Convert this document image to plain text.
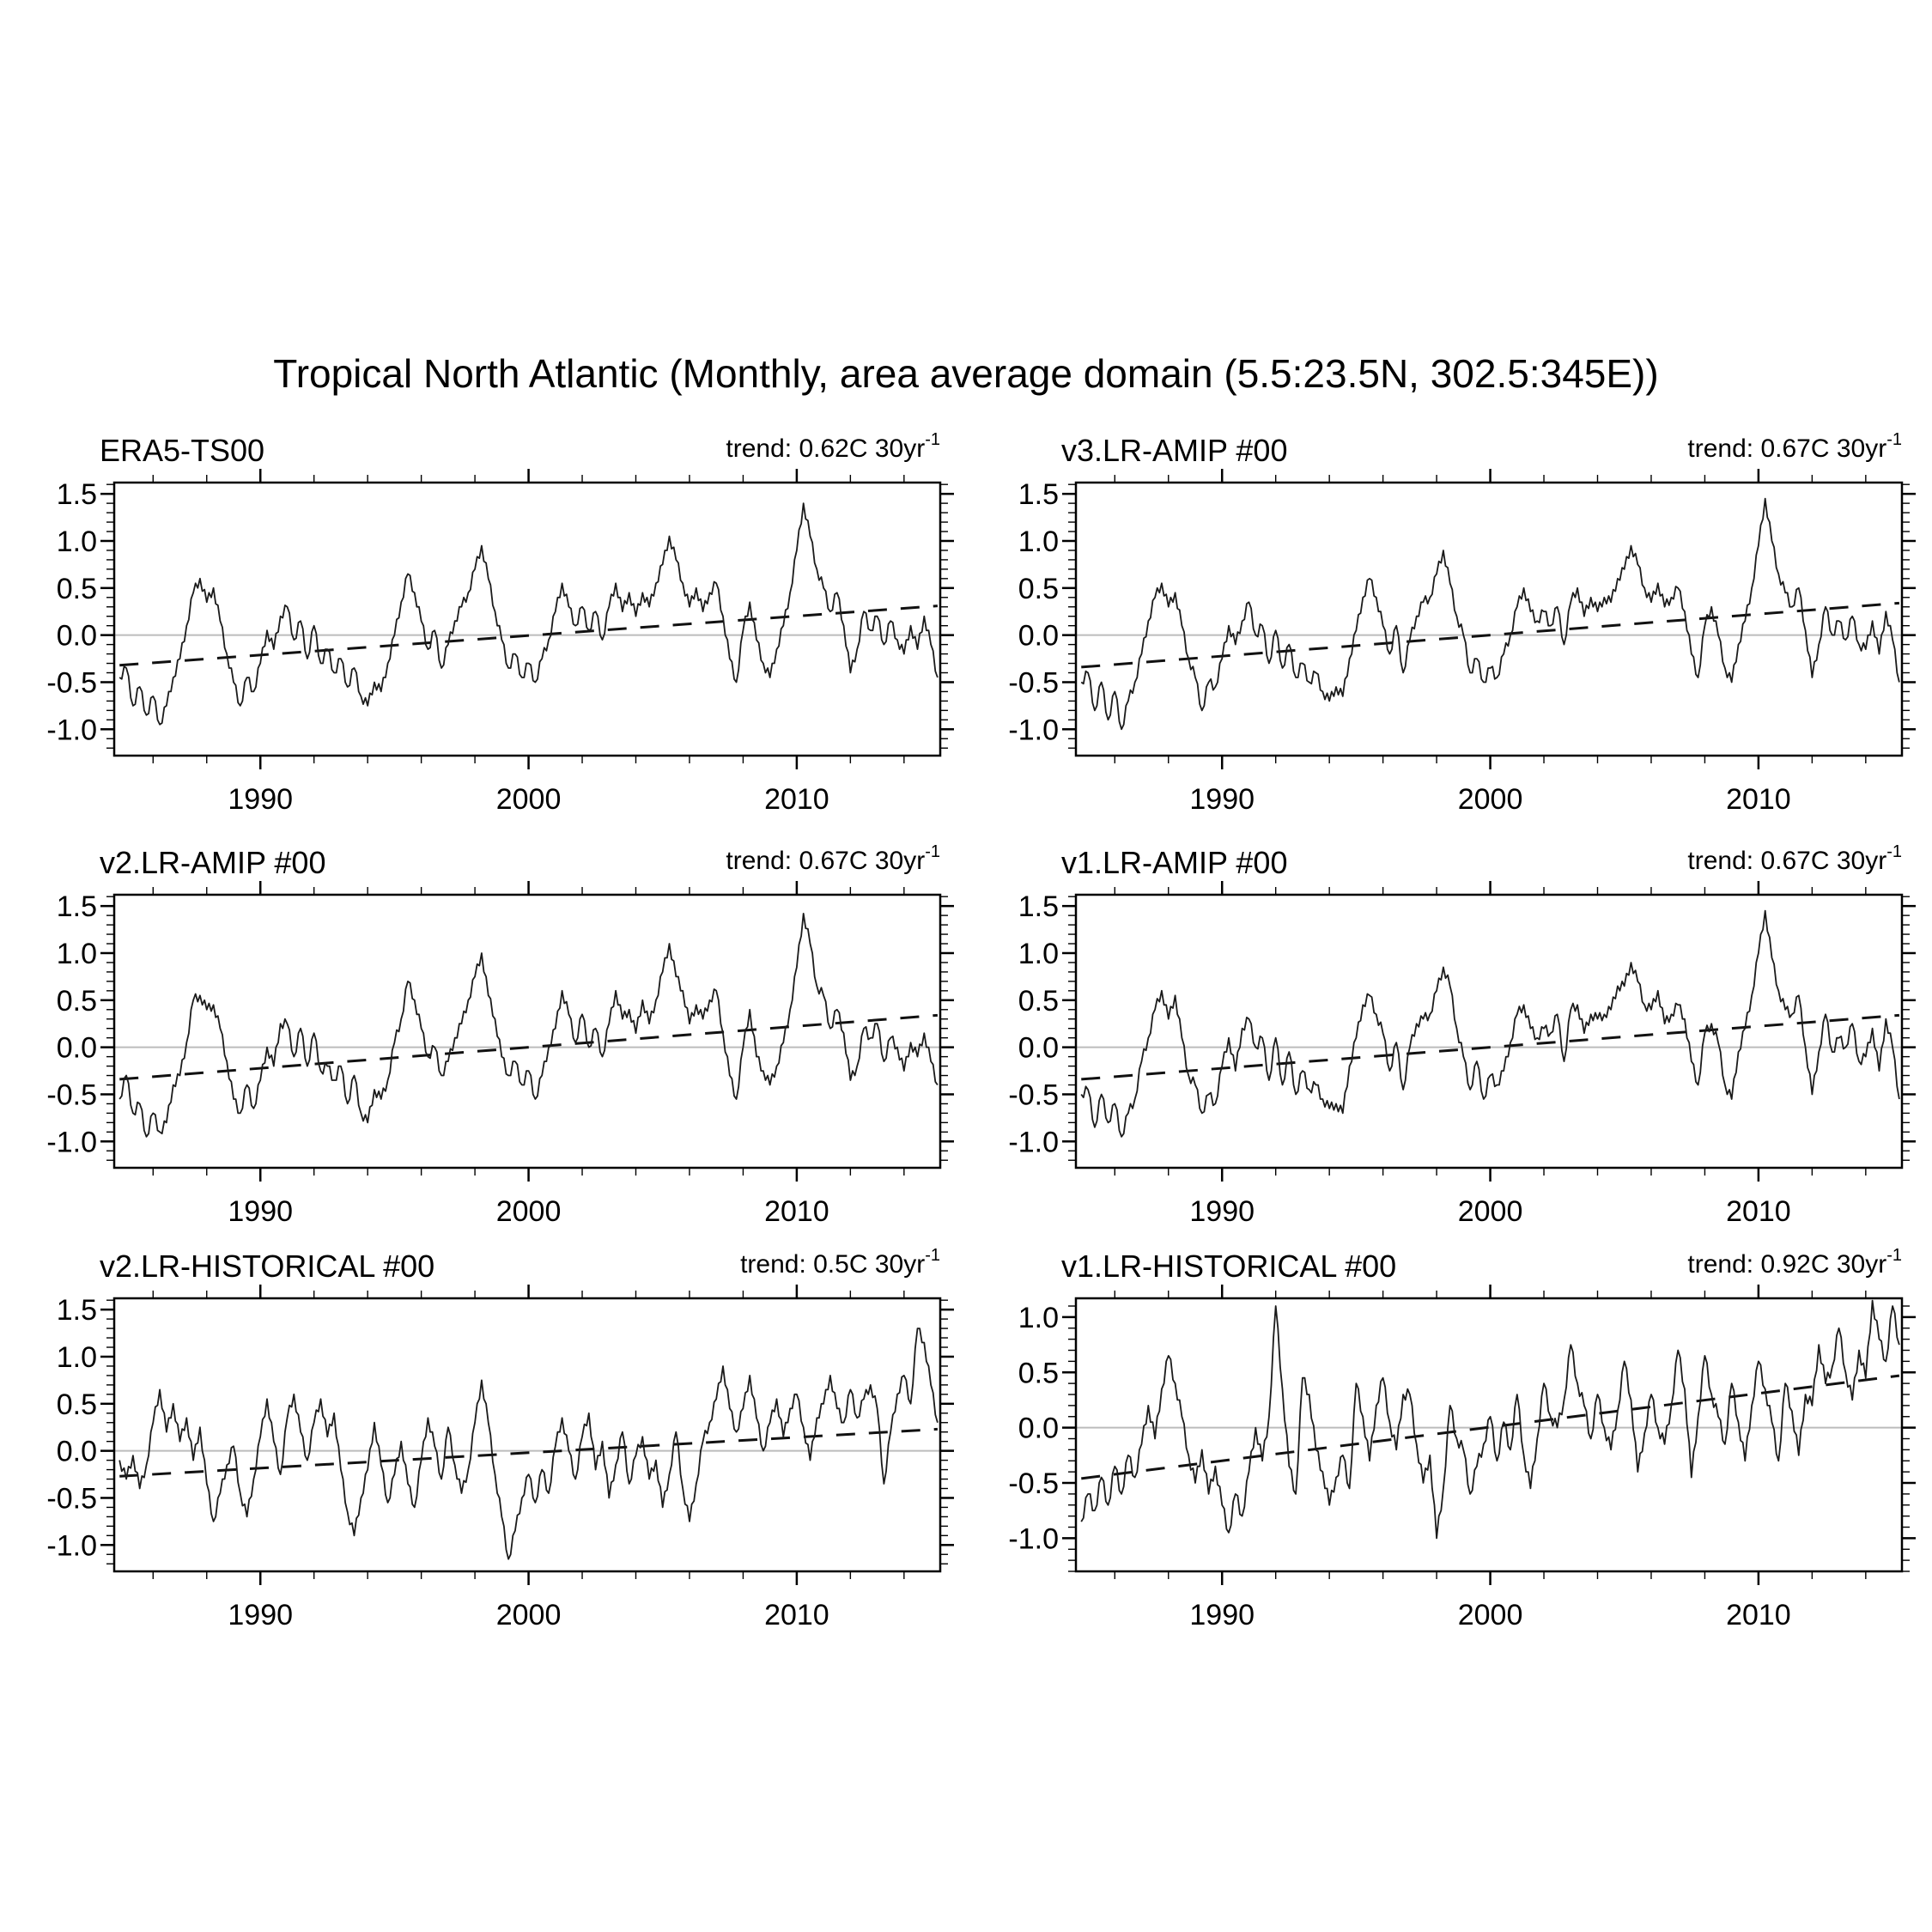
Tropical North Atlantic (Monthly, area average domain (5.5:23.5N, 302.5:345E))
ERA5-TS00	trend: 0.62C $30yr^{-1}$
1.5
1.0
0.5
0.0
-0.5
-1.0
1990	2000	2010
v3.LR-AMIP #00	trend: 0.67C $30yr^{-1}$
1.5
1.0
0.5
0.0
-0.5
-1.0
1990	2000	2010
v2.LR-AMIP #00	trend: 0.67C $30yr^{-1}$
1.5
1.0
0.5
0.0
-0.5
-1.0
1990	2000	2010
v1.LR-AMIP #00	trend: 0.67C $30yr^{-1}$
1.5
1.0
0.5
0.0
-0.5
-1.0
1990	2000	2010
v2.LR-HISTORICAL #00	trend: 0.5C $30yr^{-1}$
1.5
1.0
0.5
0.0
-0.5
-1.0
1990	2000	2010
v1.LR-HISTORICAL #00	trend: 0.92C $30yr^{-1}$
1.0
0.5
0.0
-0.5
-1.0
1990	2000	2010
